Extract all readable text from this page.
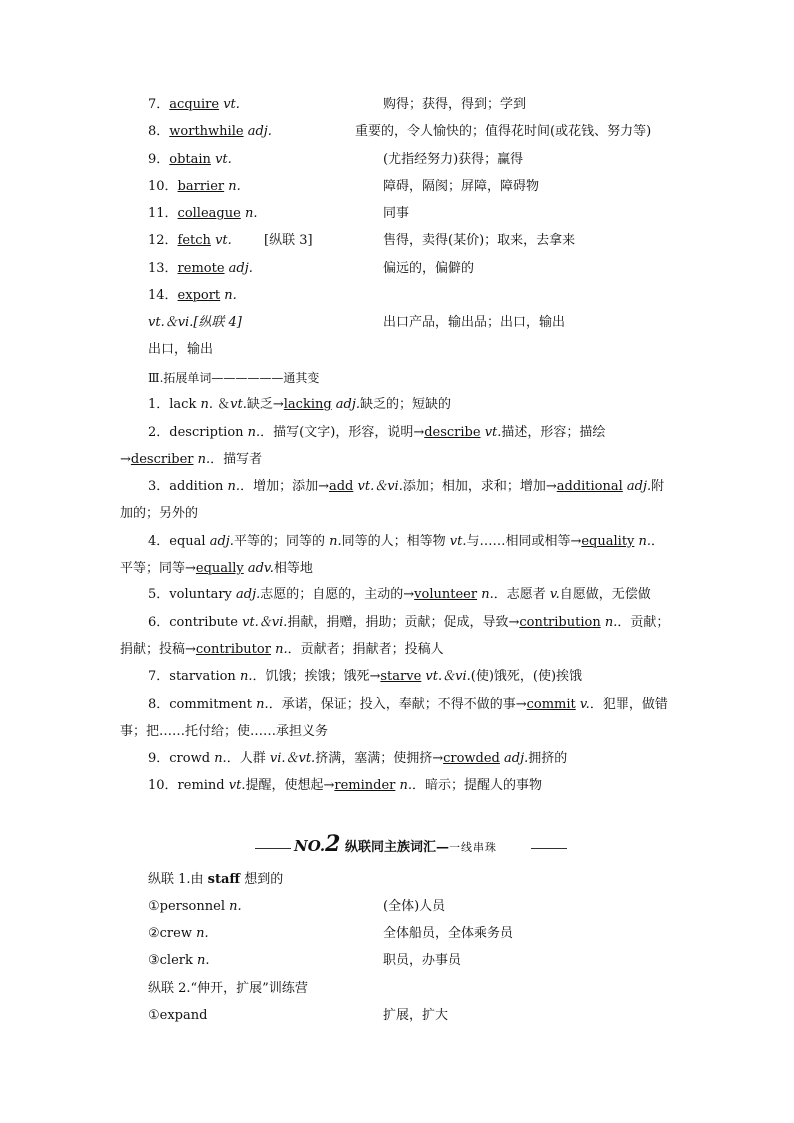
7．acquire vt.	购得；获得，得到；学到
8．worthwhile adj.	重要的，令人愉快的；值得花时间(或花钱、努力等)
9．obtain vt.	(尤指经努力)获得；赢得
10．barrier n.	障碍，隔阂；屏障，障碍物
11．colleague n.	同事
12．fetch vt. [纵联 3]	售得，卖得(某价)；取来，去拿来
13．remote adj.	偏远的，偏僻的
14．export n.
vt.＆vi.[纵联 4]	出口产品，输出品；出口，输出
出口，输出
Ⅲ.拓展单词——————通其变
1．lack n. ＆vt.缺乏→lacking adj.缺乏的；短缺的
2．description n.．描写(文字)，形容，说明→describe vt.描述，形容；描绘→describer n.．描写者
3．addition n.．增加；添加→add vt.＆vi.添加；相加，求和；增加→additional adj.附加的；另外的
4．equal adj.平等的；同等的 n.同等的人；相等物 vt.与……相同或相等→equality n.．平等；同等→equally adv.相等地
5．voluntary adj.志愿的；自愿的，主动的→volunteer n.．志愿者 v.自愿做，无偿做
6．contribute vt.＆vi.捐献，捐赠，捐助；贡献；促成，导致→contribution n.．贡献；捐献；投稿→contributor n.．贡献者；捐献者；投稿人
7．starvation n.．饥饿；挨饿；饿死→starve vt.＆vi.(使)饿死，(使)挨饿
8．commitment n.．承诺，保证；投入，奉献；不得不做的事→commit v.．犯罪，做错事；把……托付给；使……承担义务
9．crowd n.．人群 vi.＆vt.挤满，塞满；使拥挤→crowded adj.拥挤的
10．remind vt.提醒，使想起→reminder n.．暗示；提醒人的事物
NO.2 纵联同主族词汇—一线串珠
纵联 1.由 staff 想到的
①personnel n.	(全体)人员
②crew n.	全体船员，全体乘务员
③clerk n.	职员，办事员
纵联 2.“伸开，扩展”训练营
①expand	扩展，扩大
